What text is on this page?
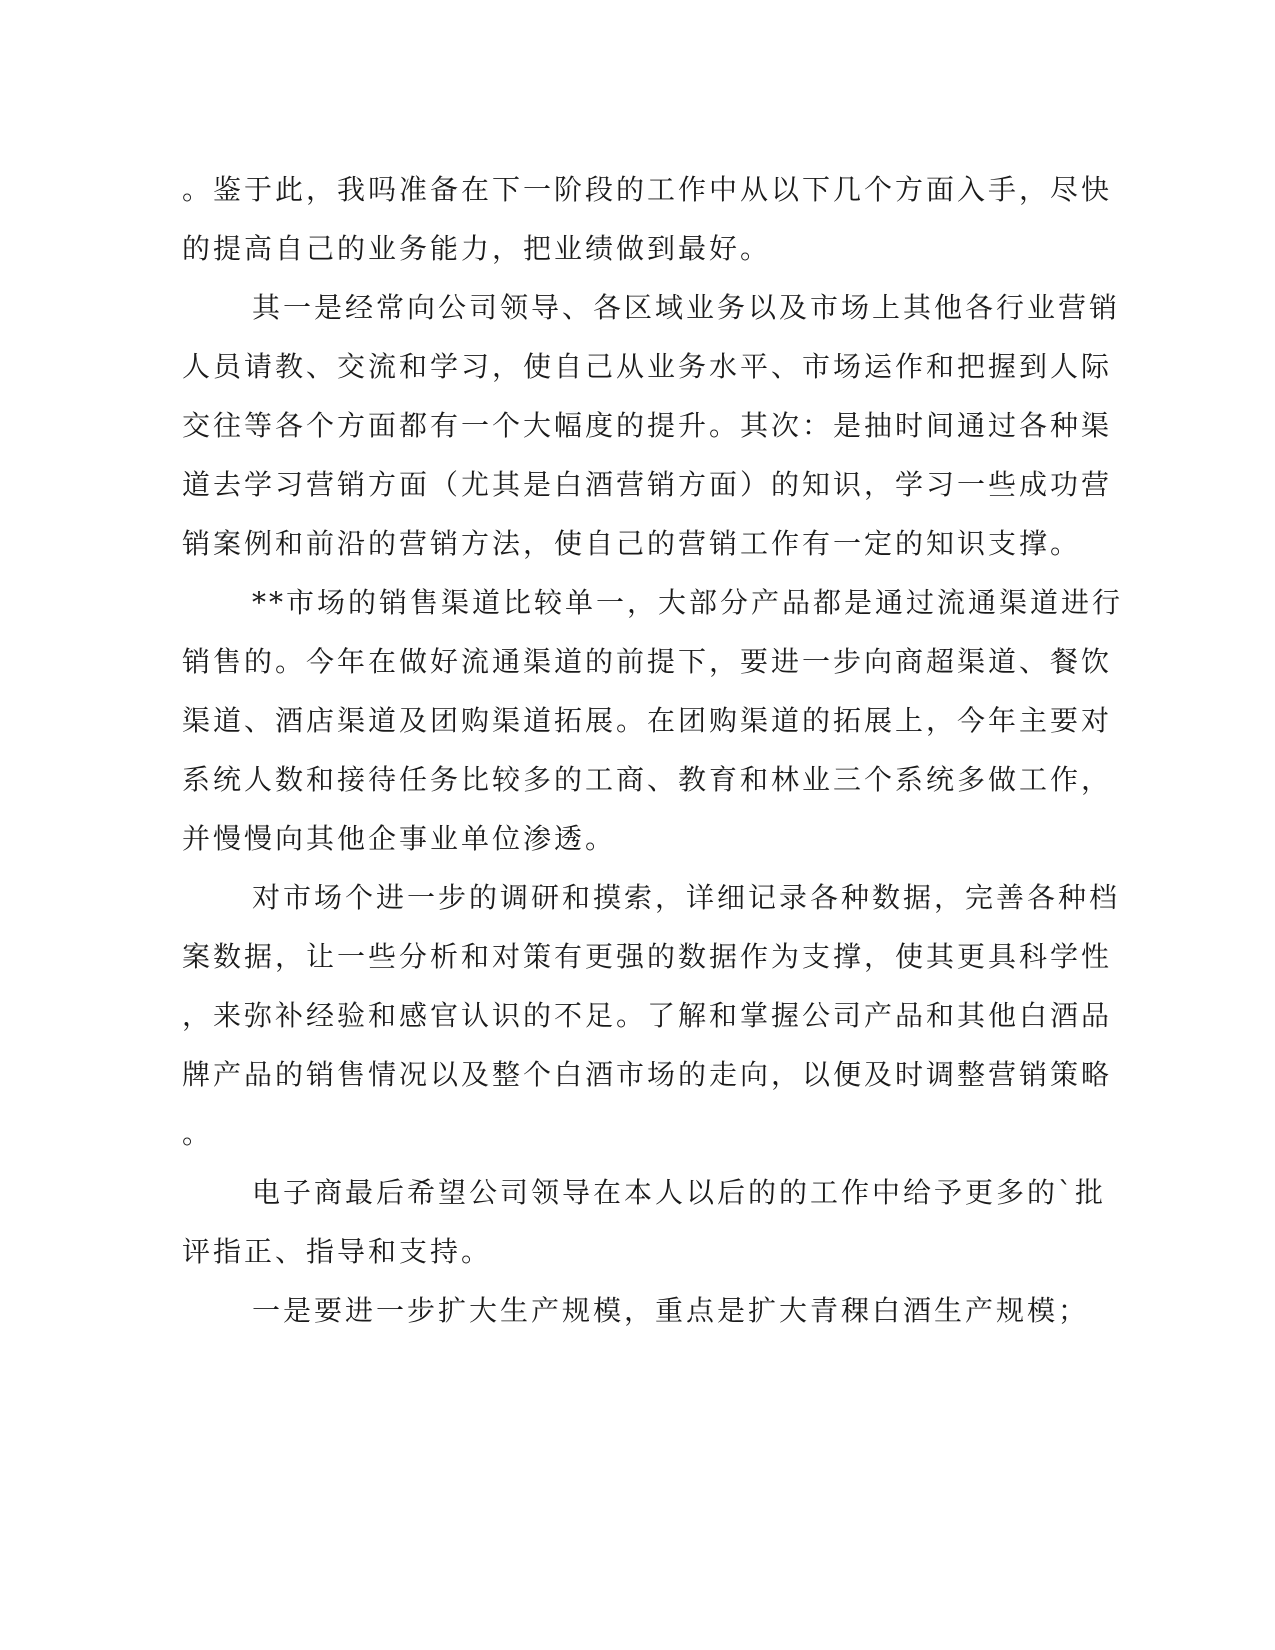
。鉴于此，我吗准备在下一阶段的工作中从以下几个方面入手，尽快
的提高自己的业务能力，把业绩做到最好。
其一是经常向公司领导、各区域业务以及市场上其他各行业营销
人员请教、交流和学习，使自己从业务水平、市场运作和把握到人际
交往等各个方面都有一个大幅度的提升。其次：是抽时间通过各种渠
道去学习营销方面（尤其是白酒营销方面）的知识，学习一些成功营
销案例和前沿的营销方法，使自己的营销工作有一定的知识支撑。
**市场的销售渠道比较单一，大部分产品都是通过流通渠道进行
销售的。今年在做好流通渠道的前提下，要进一步向商超渠道、餐饮
渠道、酒店渠道及团购渠道拓展。在团购渠道的拓展上，今年主要对
系统人数和接待任务比较多的工商、教育和林业三个系统多做工作，
并慢慢向其他企事业单位渗透。
对市场个进一步的调研和摸索，详细记录各种数据，完善各种档
案数据，让一些分析和对策有更强的数据作为支撑，使其更具科学性
，来弥补经验和感官认识的不足。了解和掌握公司产品和其他白酒品
牌产品的销售情况以及整个白酒市场的走向，以便及时调整营销策略
。
电子商最后希望公司领导在本人以后的的工作中给予更多的`批
评指正、指导和支持。
一是要进一步扩大生产规模，重点是扩大青稞白酒生产规模；
